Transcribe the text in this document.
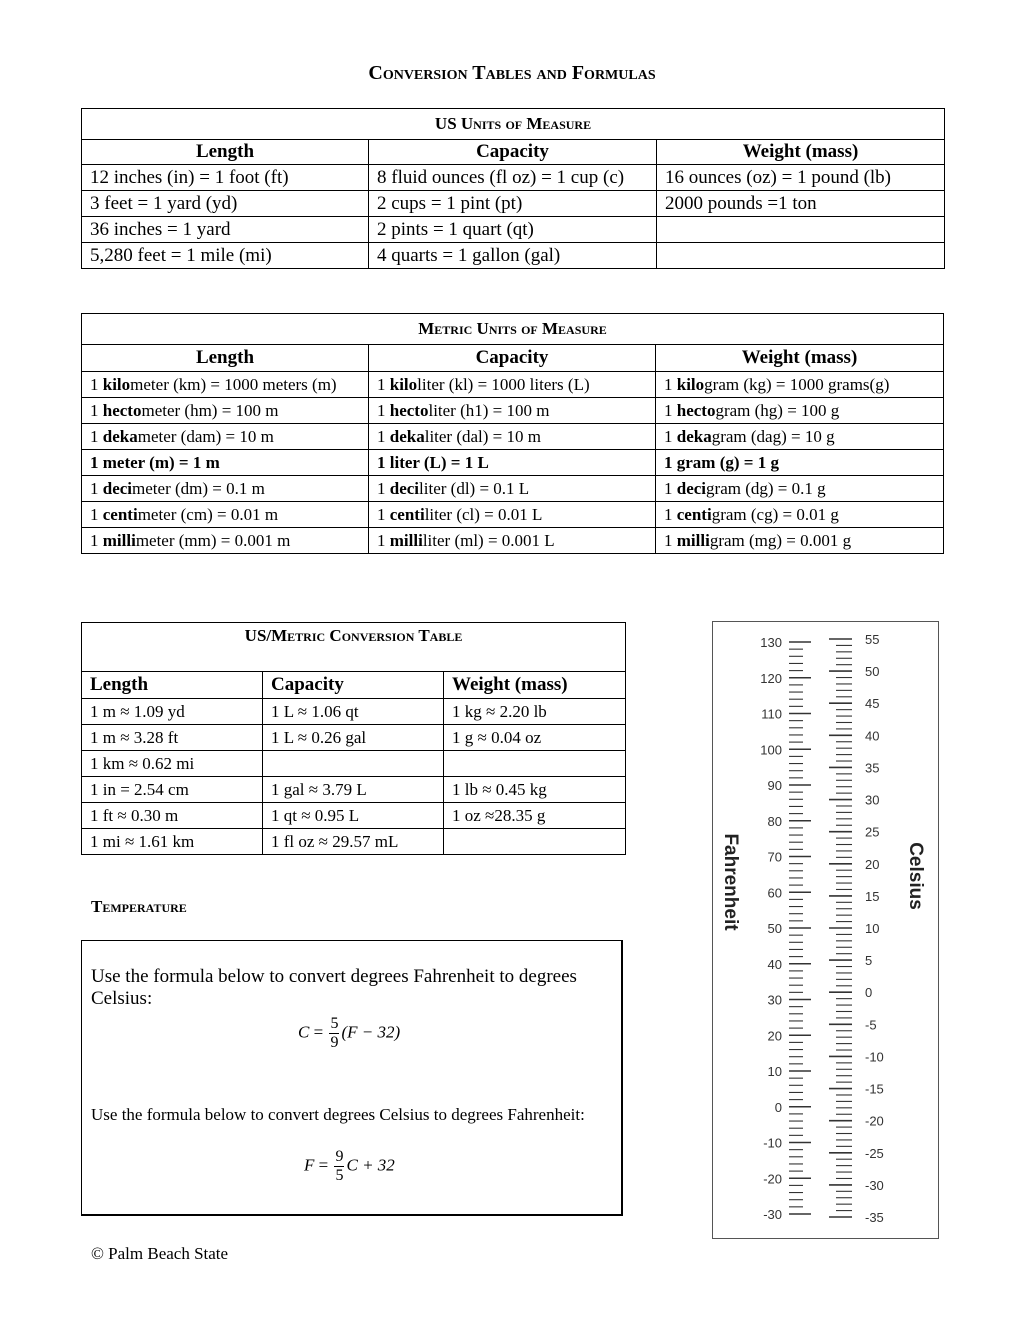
Conversion Tables and Formulas
US Units of Measure		
Length	Capacity	Weight (mass)
12 inches (in) = 1 foot (ft)	8 fluid ounces (fl oz) = 1 cup (c)	16 ounces (oz) = 1 pound (lb)
3 feet = 1 yard (yd)	2 cups = 1 pint (pt)	2000 pounds =1 ton
36 inches = 1 yard	2 pints = 1 quart (qt)	
5,280 feet = 1 mile (mi)	4 quarts = 1 gallon (gal)	
Metric Units of Measure		
Length	Capacity	Weight (mass)
1 kilometer (km) = 1000 meters (m)	1 kiloliter (kl) = 1000 liters (L)	1 kilogram (kg) = 1000 grams(g)
1 hectometer (hm) = 100 m	1 hectoliter (h1) = 100 m	1 hectogram (hg) = 100 g
1 dekameter (dam) = 10 m	1 dekaliter (dal) = 10 m	1 dekagram (dag) = 10 g
1 meter (m) = 1 m	1 liter (L) = 1 L	1 gram (g) = 1 g
1 decimeter (dm) = 0.1 m	1 deciliter (dl) = 0.1 L	1 decigram (dg) = 0.1 g
1 centimeter (cm) = 0.01 m	1 centiliter (cl) = 0.01 L	1 centigram (cg) = 0.01 g
1 millimeter (mm) = 0.001 m	1 milliliter (ml) = 0.001 L	1 milligram (mg) = 0.001 g
US/Metric Conversion Table		
Length	Capacity	Weight (mass)
1 m ≈ 1.09 yd	1 L ≈ 1.06 qt	1 kg ≈ 2.20 lb
1 m ≈ 3.28 ft	1 L ≈ 0.26 gal	1 g ≈ 0.04 oz
1 km ≈ 0.62 mi		
1 in = 2.54 cm	1 gal ≈ 3.79 L	1 lb ≈ 0.45 kg
1 ft ≈ 0.30 m	1 qt ≈ 0.95 L	1 oz ≈28.35 g
1 mi ≈ 1.61 km	1 fl oz ≈ 29.57 mL	
Temperature
Use the formula below to convert degrees Fahrenheit to degrees Celsius:
$C = \frac{5}{9} (F - 32)$
Use the formula below to convert degrees Celsius to degrees Fahrenheit:
$F = \frac{9}{5}$ C + 32
130
120
110
100
90
80
70
60
50
40
30
20
10
0
-10
-20
-30
55
50
45
40
35
30
25
20
15
10
5
0
-5
-10
-15
-20
-25
-30
-35
Fahrenheit	Celsius
© Palm Beach State
